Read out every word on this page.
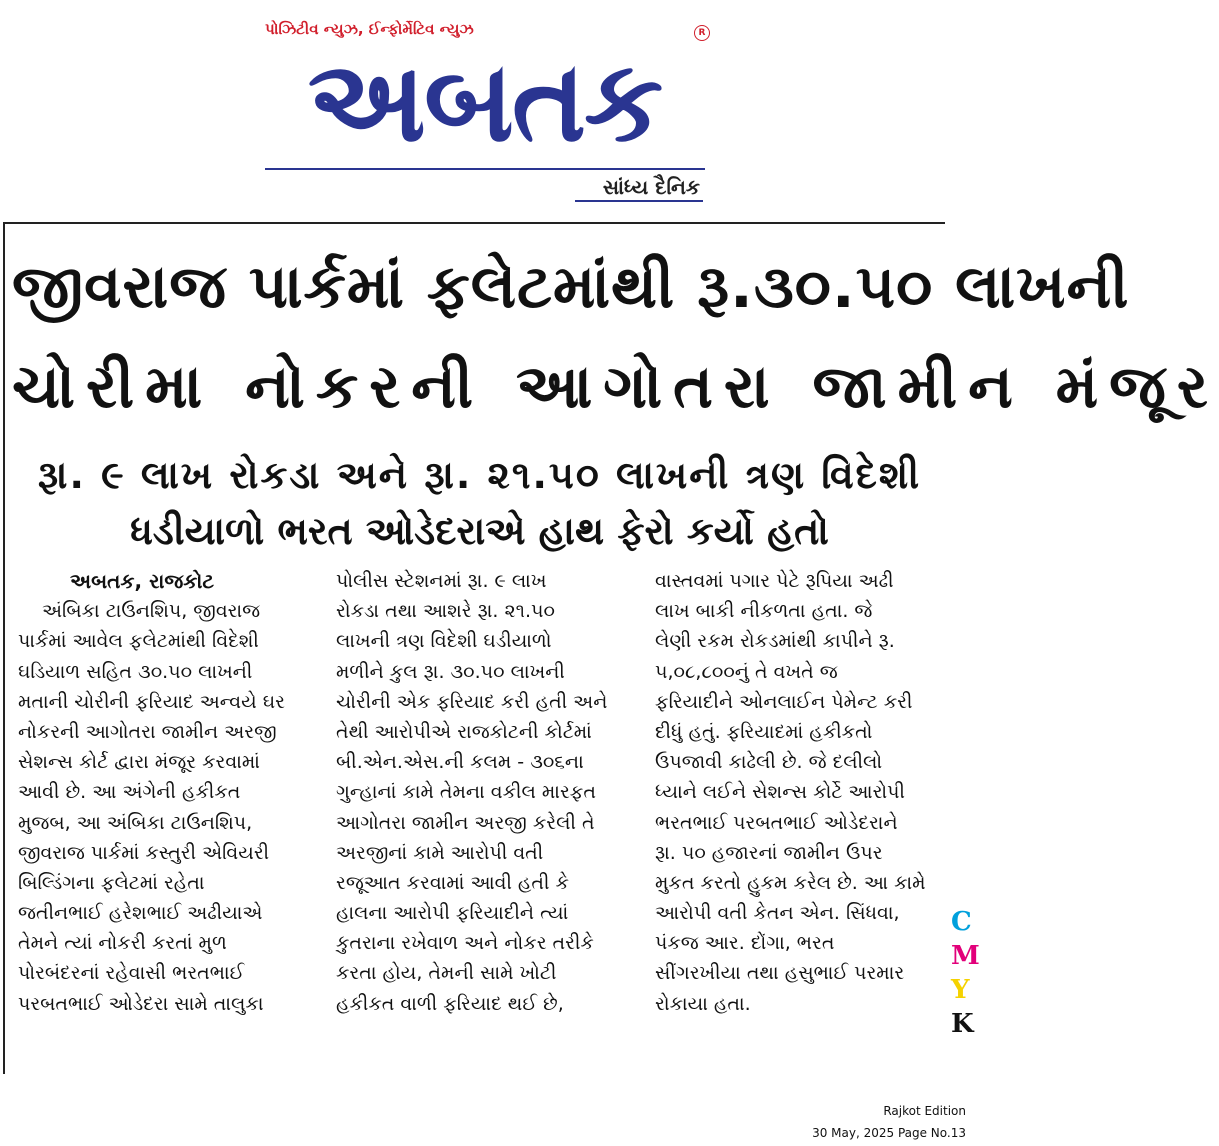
પોઝિટીવ ન્યુઝ, ઈન્ફોર્મેટિવ ન્યુઝ	R
અબતક
સાંધ્ય દૈનિક
જીવરાજ પાર્કમાં ફલેટમાંથી રૂ.૩૦.૫૦ લાખની
ચોરીમા નોકરની આગોતરા જામીન મંજૂર
રૂા. ૯ લાખ રોકડા અને રૂા. ૨૧.૫૦ લાખની ત્રણ વિદેશી
ધડીયાળો ભરત ઓડેદરાએ હાથ ફેરો કર્યો હતો
અબતક, રાજકોટ
અંબિકા ટાઉનશિપ, જીવરાજ
પાર્કમાં આવેલ ફલેટમાંથી વિદેશી
ઘડિયાળ સહિત ૩૦.૫૦ લાખની
મતાની ચોરીની ફરિયાદ અન્વયે ઘર
નોકરની આગોતરા જામીન અરજી
સેશન્સ કોર્ટ દ્વારા મંજૂર કરવામાં
આવી છે. આ અંગેની હકીકત
મુજબ, આ અંબિકા ટાઉનશિપ,
જીવરાજ પાર્કમાં કસ્તુરી એવિયરી
બિલ્ડિંગના ફલેટમાં રહેતા
જતીનભાઈ હરેશભાઈ અઢીયાએ
તેમને ત્યાં નોકરી કરતાં મુળ
પોરબંદરનાં રહેવાસી ભરતભાઈ
પરબતભાઈ ઓડેદરા સામે તાલુકા
પોલીસ સ્ટેશનમાં રૂા. ૯ લાખ
રોકડા તથા આશરે રૂા. ૨૧.૫૦
લાખની ત્રણ વિદેશી ઘડીયાળો
મળીને કુલ રૂા. ૩૦.૫૦ લાખની
ચોરીની એક ફરિયાદ કરી હતી અને
તેથી આરોપીએ રાજકોટની કોર્ટમાં
બી.એન.એસ.ની કલમ - ૩૦૬ના
ગુન્હાનાં કામે તેમના વકીલ મારફત
આગોતરા જામીન અરજી કરેલી તે
અરજીનાં કામે આરોપી વતી
રજૂઆત કરવામાં આવી હતી કે
હાલના આરોપી ફરિયાદીને ત્યાં
કુતરાના રખેવાળ અને નોકર તરીકે
કરતા હોય, તેમની સામે ખોટી
હકીકત વાળી ફરિયાદ થઈ છે,
વાસ્તવમાં પગાર પેટે રૂપિયા અઢી
લાખ બાકી નીકળતા હતા. જે
લેણી રકમ રોકડમાંથી કાપીને રૂ.
૫,૦૮,૮૦૦નું તે વખતે જ
ફરિયાદીને ઓનલાઈન પેમેન્ટ કરી
દીધું હતું. ફરિયાદમાં હકીકતો
ઉપજાવી કાઢેલી છે. જે દલીલો
ધ્યાને લઈને સેશન્સ કોર્ટે આરોપી
ભરતભાઈ પરબતભાઈ ઓડેદરાને
રૂા. ૫૦ હજારનાં જામીન ઉપર
મુકત કરતો હુકમ કરેલ છે. આ કામે
આરોપી વતી કેતન એન. સિંધવા,
પંકજ આર. દોંગા, ભરત
સીંગરખીયા તથા હસુભાઈ પરમાર
રોકાયા હતા.
C
M
Y
K
Rajkot Edition
30 May, 2025 Page No.13
